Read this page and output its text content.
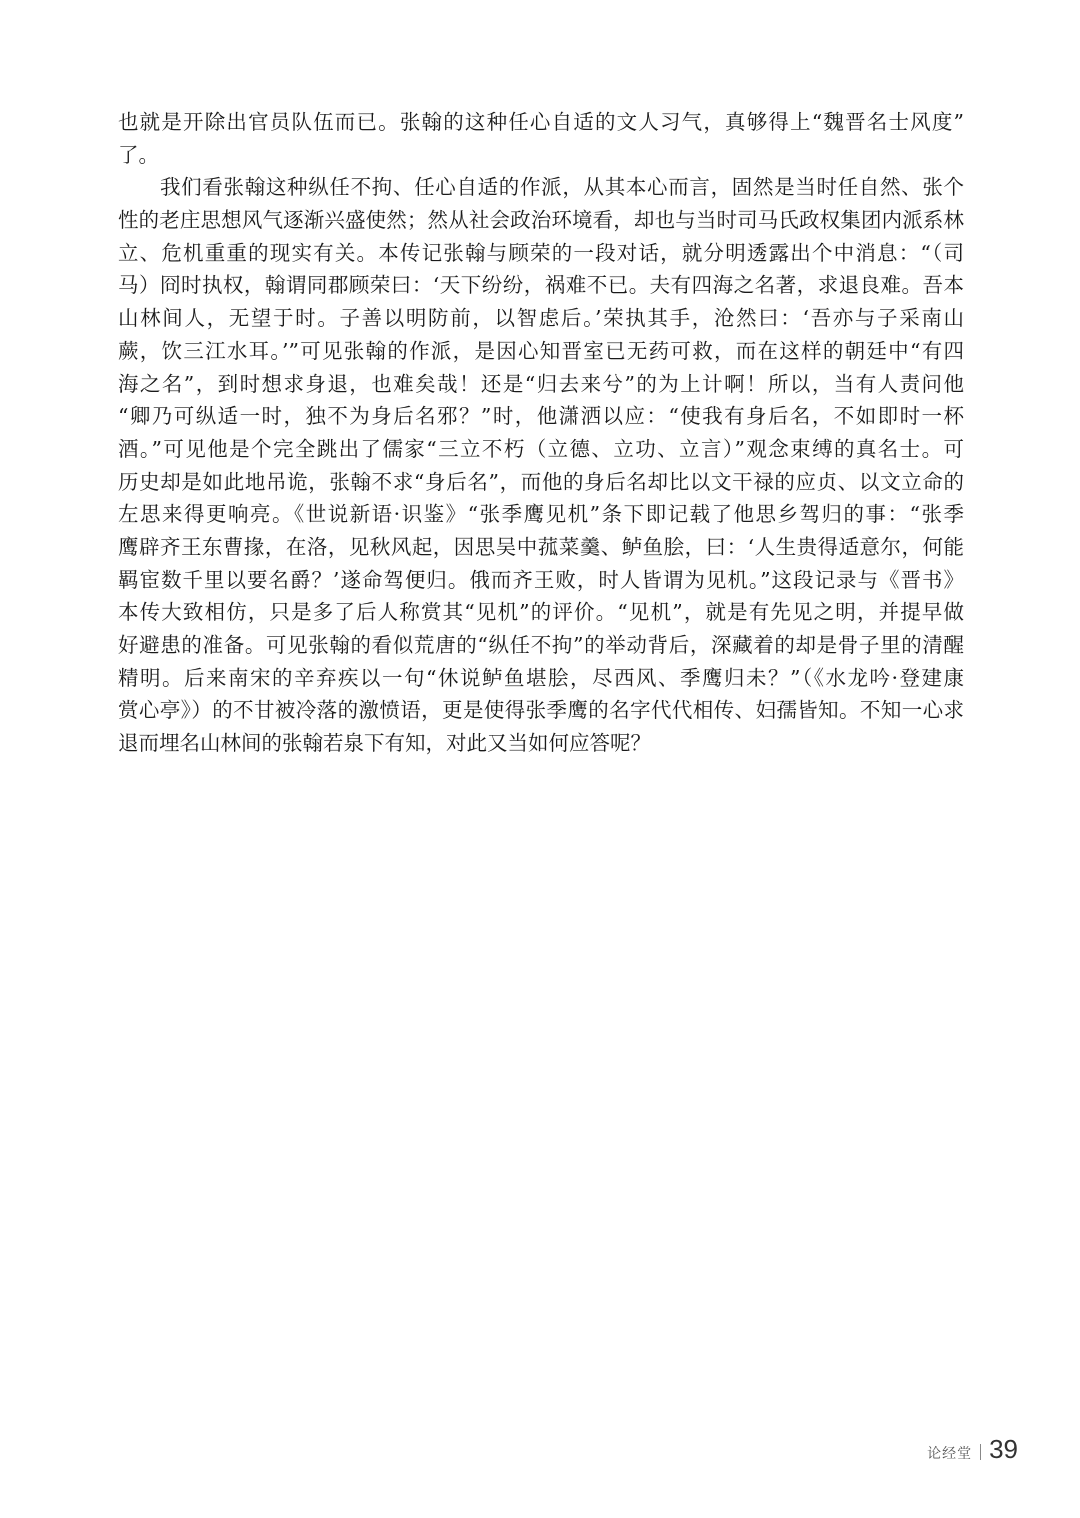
也就是开除出官员队伍而已。张翰的这种任心自适的文人习气，真够得上“魏晋名士风度”
了。
我们看张翰这种纵任不拘、任心自适的作派，从其本心而言，固然是当时任自然、张个
性的老庄思想风气逐渐兴盛使然；然从社会政治环境看，却也与当时司马氏政权集团内派系林
立、危机重重的现实有关。本传记张翰与顾荣的一段对话，就分明透露出个中消息：“（司
马）冏时执权，翰谓同郡顾荣曰：‘天下纷纷，祸难不已。夫有四海之名著，求退良难。吾本
山林间人，无望于时。子善以明防前，以智虑后。’荣执其手，沧然曰：‘吾亦与子采南山
蕨，饮三江水耳。’”可见张翰的作派，是因心知晋室已无药可救，而在这样的朝廷中“有四
海之名”，到时想求身退，也难矣哉！还是“归去来兮”的为上计啊！所以，当有人责问他
“卿乃可纵适一时，独不为身后名邪？”时，他潇洒以应：“使我有身后名，不如即时一杯
酒。”可见他是个完全跳出了儒家“三立不朽（立德、立功、立言）”观念束缚的真名士。可
历史却是如此地吊诡，张翰不求“身后名”，而他的身后名却比以文干禄的应贞、以文立命的
左思来得更响亮。《世说新语·识鉴》“张季鹰见机”条下即记载了他思乡驾归的事：“张季
鹰辟齐王东曹掾，在洛，见秋风起，因思吴中菰菜羹、鲈鱼脍，曰：‘人生贵得适意尔，何能
羁宦数千里以要名爵？’遂命驾便归。俄而齐王败，时人皆谓为见机。”这段记录与《晋书》
本传大致相仿，只是多了后人称赏其“见机”的评价。“见机”，就是有先见之明，并提早做
好避患的准备。可见张翰的看似荒唐的“纵任不拘”的举动背后，深藏着的却是骨子里的清醒
精明。后来南宋的辛弃疾以一句“休说鲈鱼堪脍，尽西风、季鹰归未？”（《水龙吟·登建康
赏心亭》）的不甘被冷落的激愤语，更是使得张季鹰的名字代代相传、妇孺皆知。不知一心求
退而埋名山林间的张翰若泉下有知，对此又当如何应答呢？
论经堂 39
